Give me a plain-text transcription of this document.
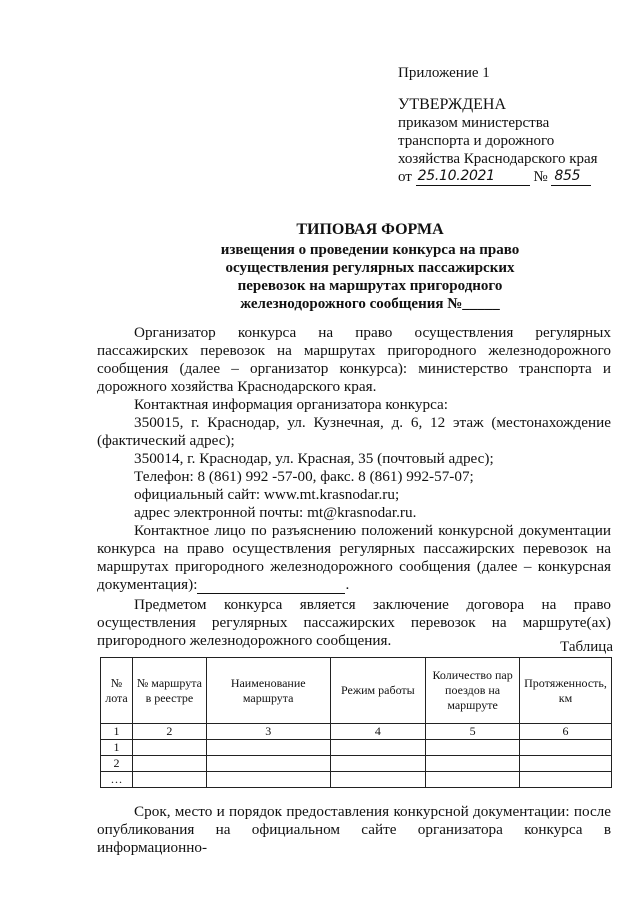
Приложение 1
УТВЕРЖДЕНА
приказом министерства
транспорта и дорожного
хозяйства Краснодарского края
от 25.10.2021	№ 855
ТИПОВАЯ ФОРМА
извещения о проведении конкурса на право
осуществления регулярных пассажирских
перевозок на маршрутах пригородного
железнодорожного сообщения №_____

Организатор конкурса на право осуществления регулярных пассажирских перевозок на маршрутах пригородного железнодорожного сообщения (далее – организатор конкурса): министерство транспорта и дорожного хозяйства Краснодарского края.

Контактная информация организатора конкурса:

350015, г. Краснодар, ул. Кузнечная, д. 6, 12 этаж (местонахождение (фактический адрес);

350014, г. Краснодар, ул. Красная, 35 (почтовый адрес);

Телефон: 8 (861) 992 -57-00, факс. 8 (861) 992-57-07;

официальный сайт: www.mt.krasnodar.ru;

адрес электронной почты: mt@krasnodar.ru.

Контактное лицо по разъяснению положений конкурсной документации конкурса на право осуществления регулярных пассажирских перевозок на маршрутах пригородного железнодорожного сообщения (далее – конкурсная документация):	.

Предметом конкурса является заключение договора на право осуществления регулярных пассажирских перевозок на маршруте(ах) пригородного железнодорожного сообщения.	Таблица
№ лота	№ маршрута в реестре	Наименование маршрута	Режим работы	Количество пар поездов на маршруте	Протяженность, км
1	2	3	4	5	6
1					
2					
…					

Срок, место и порядок предоставления конкурсной документации: после опубликования на официальном сайте организатора конкурса в информационно-
